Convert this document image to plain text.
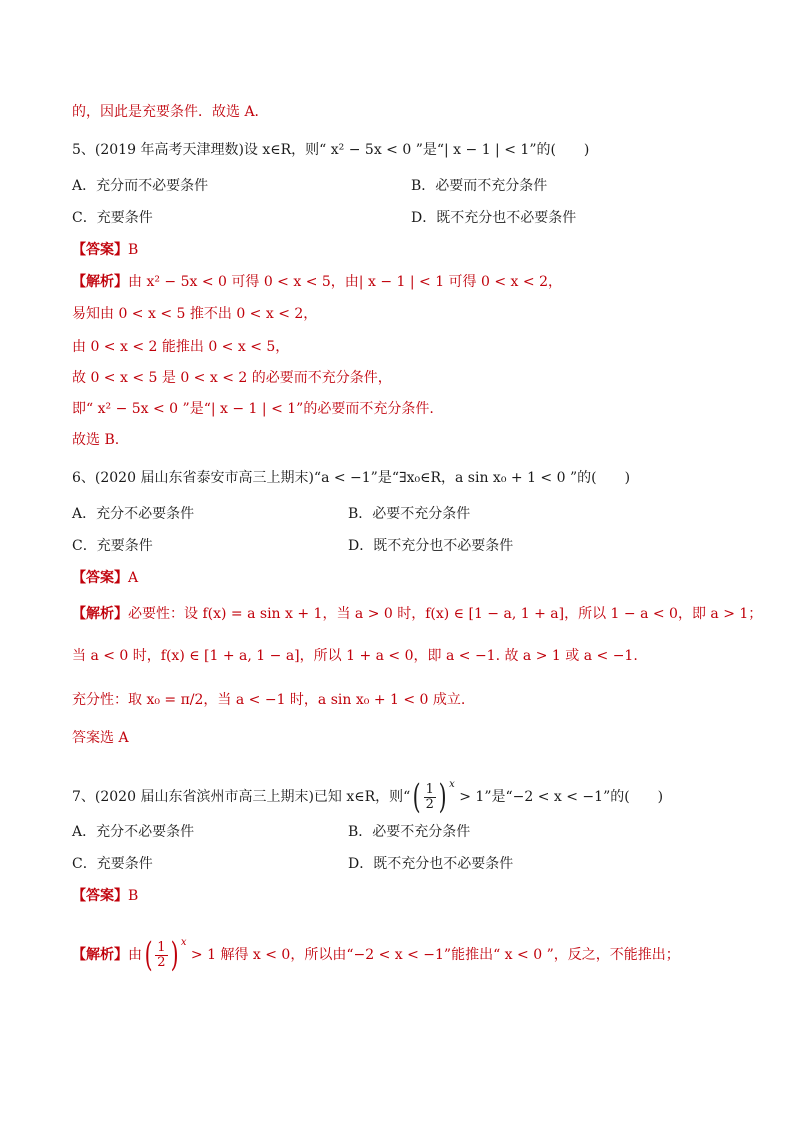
的，因此是充要条件．故选 A．
5、(2019 年高考天津理数)设 x∈R，则“ x² − 5x < 0 ”是“| x − 1 | < 1”的(　　)
A．充分而不必要条件	B．必要而不充分条件
C．充要条件	D．既不充分也不必要条件
【答案】B
【解析】由 x² − 5x < 0 可得 0 < x < 5，由| x − 1 | < 1 可得 0 < x < 2，
易知由 0 < x < 5 推不出 0 < x < 2，
由 0 < x < 2 能推出 0 < x < 5，
故 0 < x < 5 是 0 < x < 2 的必要而不充分条件，
即“ x² − 5x < 0 ”是“| x − 1 | < 1”的必要而不充分条件.
故选 B.
6、(2020 届山东省泰安市高三上期末)“a < −1”是“∃x₀∈R，a sin x₀ + 1 < 0 ”的(　　)
A．充分不必要条件	B．必要不充分条件
C．充要条件	D．既不充分也不必要条件
【答案】A
【解析】必要性：设 f(x) = a sin x + 1，当 a > 0 时，f(x) ∈ [1 − a, 1 + a]，所以 1 − a < 0，即 a > 1；
当 a < 0 时，f(x) ∈ [1 + a, 1 − a]，所以 1 + a < 0，即 a < −1. 故 a > 1 或 a < −1.
充分性：取 x₀ = π/2，当 a < −1 时，a sin x₀ + 1 < 0 成立.
答案选 A
7、(2020 届山东省滨州市高三上期末)已知 x∈R，则“( $\frac{1}{2}$ ) $^x$ > 1”是“−2 < x < −1”的(　　)
A．充分不必要条件	B．必要不充分条件
C．充要条件	D．既不充分也不必要条件
【答案】B
【解析】由( $\frac{1}{2}$ ) $^x$ > 1 解得 x < 0，所以由“−2 < x < −1”能推出“ x < 0 ”，反之，不能推出；
